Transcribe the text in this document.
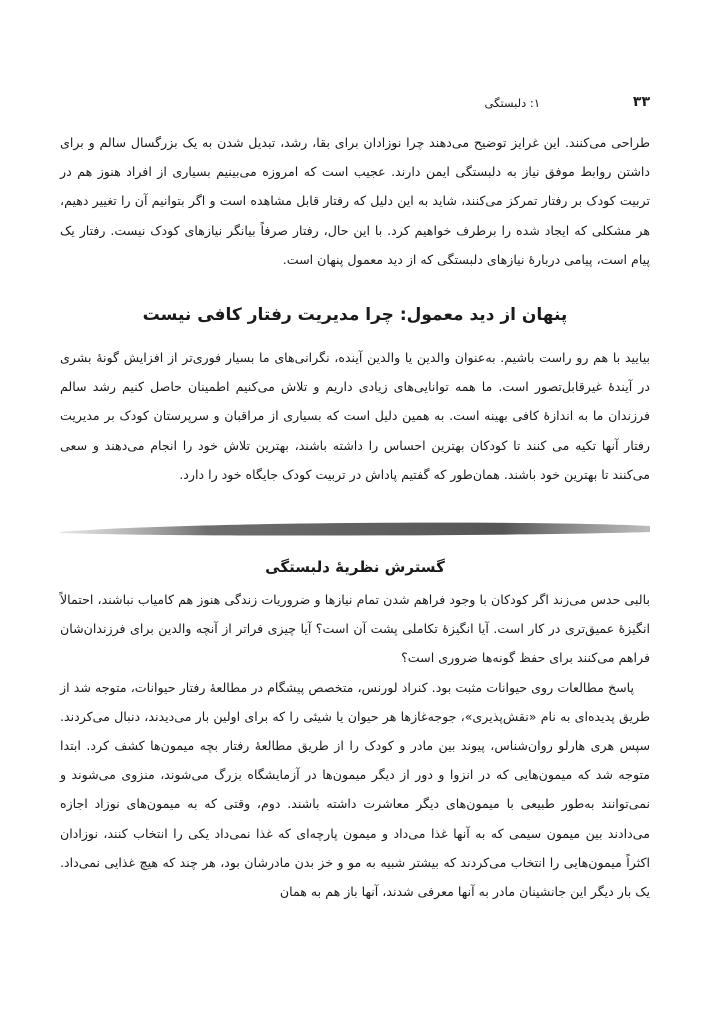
۳۳
۱: دلبستگی

طراحی می‌کنند. این غرایز توضیح می‌دهند چرا نوزادان برای بقا، رشد، تبدیل شدن به یک بزرگسال سالم و برای داشتن روابط موفق نیاز به دلبستگی ایمن دارند. عجیب است که امروزه می‌بینیم بسیاری از افراد هنوز هم در تربیت کودک بر رفتار تمرکز می‌کنند، شاید به این دلیل که رفتار قابل مشاهده است و اگر بتوانیم آن را تغییر دهیم، هر مشکلی که ایجاد شده را برطرف خواهیم کرد. با این حال، رفتار صرفاً بیانگر نیازهای کودک نیست. رفتار یک پیام است، پیامی دربارهٔ نیازهای دلبستگی که از دید معمول پنهان است.

پنهان از دید معمول: چرا مدیریت رفتار کافی نیست

بیایید با هم رو راست باشیم. به‌عنوان والدین یا والدین آینده، نگرانی‌های ما بسیار فوری‌تر از افزایش گونهٔ بشری در آیندهٔ غیرقابل‌تصور است. ما همه توانایی‌های زیادی داریم و تلاش می‌کنیم اطمینان حاصل کنیم رشد سالم فرزندان ما به اندازهٔ کافی بهینه است. به همین دلیل است که بسیاری از مراقبان و سرپرستان کودک بر مدیریت رفتار آنها تکیه می کنند تا کودکان بهترین احساس را داشته باشند، بهترین تلاش خود را انجام می‌دهند و سعی می‌کنند تا بهترین خود باشند. همان‌طور که گفتیم پاداش در تربیت کودک جایگاه خود را دارد.

گسترش نظریهٔ دلبستگی

بالبی حدس می‌زند اگر کودکان با وجود فراهم شدن تمام نیازها و ضروریات زندگی هنوز هم کامیاب نباشند، احتمالاً انگیزهٔ عمیق‌تری در کار است. آیا انگیزهٔ تکاملی پشت آن است؟ آیا چیزی فراتر از آنچه والدین برای فرزندان‌شان فراهم می‌کنند برای حفظ گونه‌ها ضروری است؟

پاسخ مطالعات روی حیوانات مثبت بود. کنراد لورنس، متخصص پیشگام در مطالعهٔ رفتار حیوانات، متوجه شد از طریق پدیده‌ای به نام «نقش‌پذیری»، جوجه‌غازها هر حیوان یا شیئی را که برای اولین بار می‌دیدند، دنبال می‌کردند. سپس هری هارلو روان‌شناس، پیوند بین مادر و کودک را از طریق مطالعهٔ رفتار بچه میمون‌ها کشف کرد. ابتدا متوجه شد که میمون‌هایی که در انزوا و دور از دیگر میمون‌ها در آزمایشگاه بزرگ می‌شوند، منزوی می‌شوند و نمی‌توانند به‌طور طبیعی با میمون‌های دیگر معاشرت داشته باشند. دوم، وقتی که به میمون‌های نوزاد اجازه می‌دادند بین میمون سیمی که به آنها غذا می‌داد و میمون پارچه‌ای که غذا نمی‌داد یکی را انتخاب کنند، نوزادان اکثراً میمون‌هایی را انتخاب می‌کردند که بیشتر شبیه به مو و خز بدن مادرشان بود، هر چند که هیچ غذایی نمی‌داد. یک بار دیگر این جانشینان مادر به آنها معرفی شدند، آنها باز هم به همان
